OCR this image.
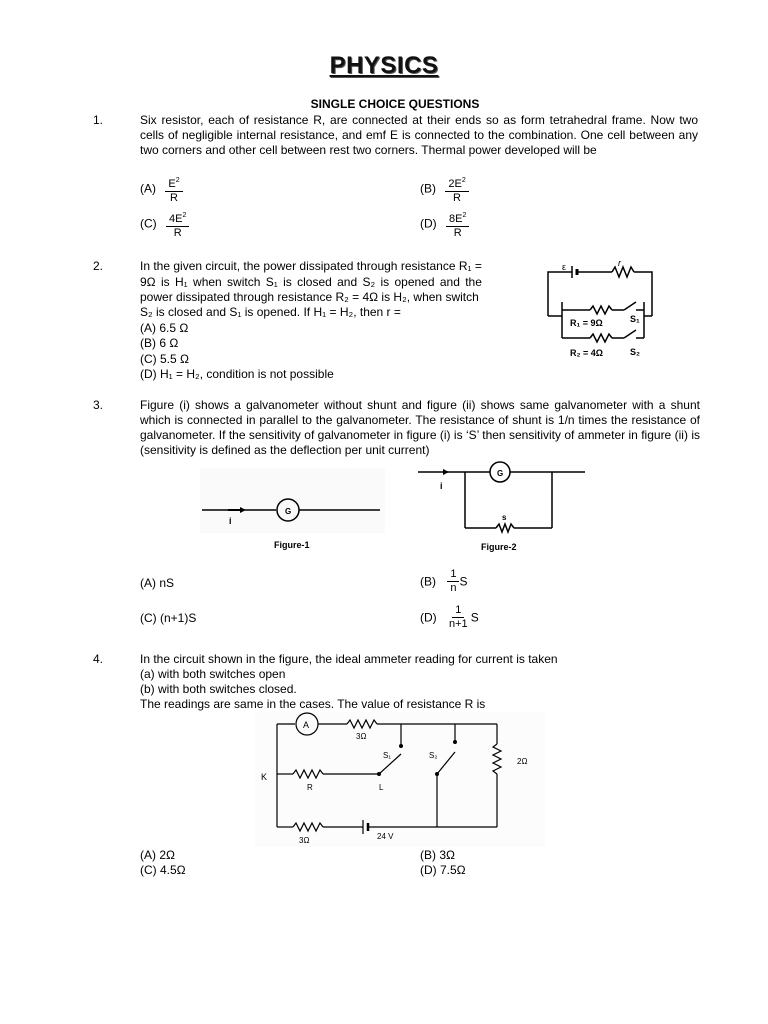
PHYSICS
SINGLE CHOICE QUESTIONS
1.	Six resistor, each of resistance R, are connected at their ends so as form tetrahedral frame. Now two cells of negligible internal resistance, and emf E is connected to the combination. One cell between any two corners and other cell between rest two corners. Thermal power developed will be
$(A) \frac{E^2}{R}$	$(B) \frac{2E^2}{R}$
$(C) \frac{4E^2}{R}$	$(D) \frac{8E^2}{R}$
2.	In the given circuit, the power dissipated through resistance R₁ =
9Ω is H₁ when switch S₁ is closed and S₂ is opened and the
power dissipated through resistance R₂ = 4Ω is H₂, when switch
S₂ is closed and S₁ is opened. If H₁ = H₂, then r =
(A) 6.5 Ω
(B) 6 Ω
(C) 5.5 Ω
(D) H₁ = H₂, condition is not possible
ε	r
R₁ = 9Ω	S₁
R₂ = 4Ω	S₂
3.	Figure (i) shows a galvanometer without shunt and figure (ii) shows same galvanometer with a shunt which is connected in parallel to the galvanometer. The resistance of shunt is 1/n times the resistance of galvanometer. If the sensitivity of galvanometer in figure (i) is ‘S’ then sensitivity of ammeter in figure (ii) is (sensitivity is defined as the deflection per unit current)
G
i
Figure-1
G
i
s
Figure-2
(A) nS	$(B) \frac{1}{n}$ S
(C) (n+1)S	$(D) \frac{1}{n+1}$ S
4.	In the circuit shown in the figure, the ideal ammeter reading for current is taken
(a) with both switches open
(b) with both switches closed.
The readings are same in the cases. The value of resistance R is
A
3Ω
S₁	S₂
2Ω
K
R	L
3Ω	24 V
(A) 2Ω	(B) 3Ω
(C) 4.5Ω	(D) 7.5Ω
